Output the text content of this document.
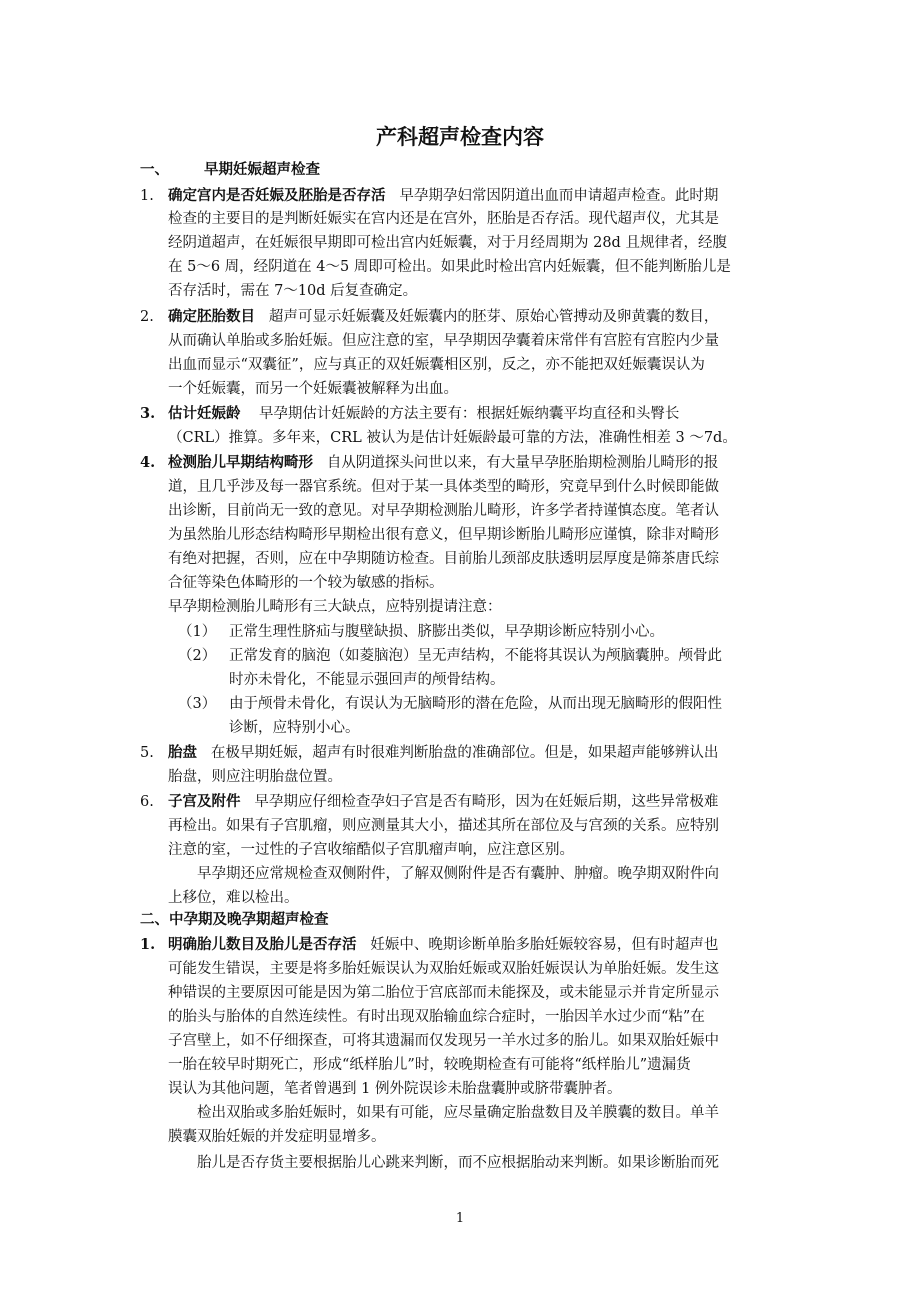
产科超声检查内容
一、 早期妊娠超声检查
1. 确定宫内是否妊娠及胚胎是否存活 早孕期孕妇常因阴道出血而申请超声检查。此时期
检查的主要目的是判断妊娠实在宫内还是在宫外，胚胎是否存活。现代超声仪，尤其是
经阴道超声，在妊娠很早期即可检出宫内妊娠囊，对于月经周期为 28d 且规律者，经腹
在 5～6 周，经阴道在 4～5 周即可检出。如果此时检出宫内妊娠囊，但不能判断胎儿是
否存活时，需在 7～10d 后复查确定。
2. 确定胚胎数目 超声可显示妊娠囊及妊娠囊内的胚芽、原始心管搏动及卵黄囊的数目，
从而确认单胎或多胎妊娠。但应注意的室，早孕期因孕囊着床常伴有宫腔有宫腔内少量
出血而显示“双囊征”，应与真正的双妊娠囊相区别，反之，亦不能把双妊娠囊误认为
一个妊娠囊，而另一个妊娠囊被解释为出血。
3. 估计妊娠龄 早孕期估计妊娠龄的方法主要有：根据妊娠纳囊平均直径和头臀长
（CRL）推算。多年来，CRL 被认为是估计妊娠龄最可靠的方法，准确性相差 3 ～7d。
4. 检测胎儿早期结构畸形 自从阴道探头问世以来，有大量早孕胚胎期检测胎儿畸形的报
道，且几乎涉及每一器官系统。但对于某一具体类型的畸形，究竟早到什么时候即能做
出诊断，目前尚无一致的意见。对早孕期检测胎儿畸形，许多学者持谨慎态度。笔者认
为虽然胎儿形态结构畸形早期检出很有意义，但早期诊断胎儿畸形应谨慎，除非对畸形
有绝对把握，否则，应在中孕期随访检查。目前胎儿颈部皮肤透明层厚度是筛茶唐氏综
合征等染色体畸形的一个较为敏感的指标。
早孕期检测胎儿畸形有三大缺点，应特别提请注意：
（1） 正常生理性脐疝与腹壁缺损、脐膨出类似，早孕期诊断应特别小心。
（2） 正常发育的脑泡（如菱脑泡）呈无声结构，不能将其误认为颅脑囊肿。颅骨此
时亦未骨化，不能显示强回声的颅骨结构。
（3） 由于颅骨未骨化，有误认为无脑畸形的潜在危险，从而出现无脑畸形的假阳性
诊断，应特别小心。
5. 胎盘 在极早期妊娠，超声有时很难判断胎盘的准确部位。但是，如果超声能够辨认出
胎盘，则应注明胎盘位置。
6. 子宫及附件 早孕期应仔细检查孕妇子宫是否有畸形，因为在妊娠后期，这些异常极难
再检出。如果有子宫肌瘤，则应测量其大小，描述其所在部位及与宫颈的关系。应特别
注意的室，一过性的子宫收缩酷似子宫肌瘤声响，应注意区别。
早孕期还应常规检查双侧附件，了解双侧附件是否有囊肿、肿瘤。晚孕期双附件向
上移位，难以检出。
二、中孕期及晚孕期超声检查
1. 明确胎儿数目及胎儿是否存活 妊娠中、晚期诊断单胎多胎妊娠较容易，但有时超声也
可能发生错误，主要是将多胎妊娠误认为双胎妊娠或双胎妊娠误认为单胎妊娠。发生这
种错误的主要原因可能是因为第二胎位于宫底部而未能探及，或未能显示并肯定所显示
的胎头与胎体的自然连续性。有时出现双胎输血综合症时，一胎因羊水过少而“粘”在
子宫壁上，如不仔细探查，可将其遗漏而仅发现另一羊水过多的胎儿。如果双胎妊娠中
一胎在较早时期死亡，形成“纸样胎儿”时，较晚期检查有可能将“纸样胎儿”遗漏货
误认为其他问题，笔者曾遇到 1 例外院误诊未胎盘囊肿或脐带囊肿者。
检出双胎或多胎妊娠时，如果有可能，应尽量确定胎盘数目及羊膜囊的数目。单羊
膜囊双胎妊娠的并发症明显增多。
胎儿是否存货主要根据胎儿心跳来判断，而不应根据胎动来判断。如果诊断胎而死
1
